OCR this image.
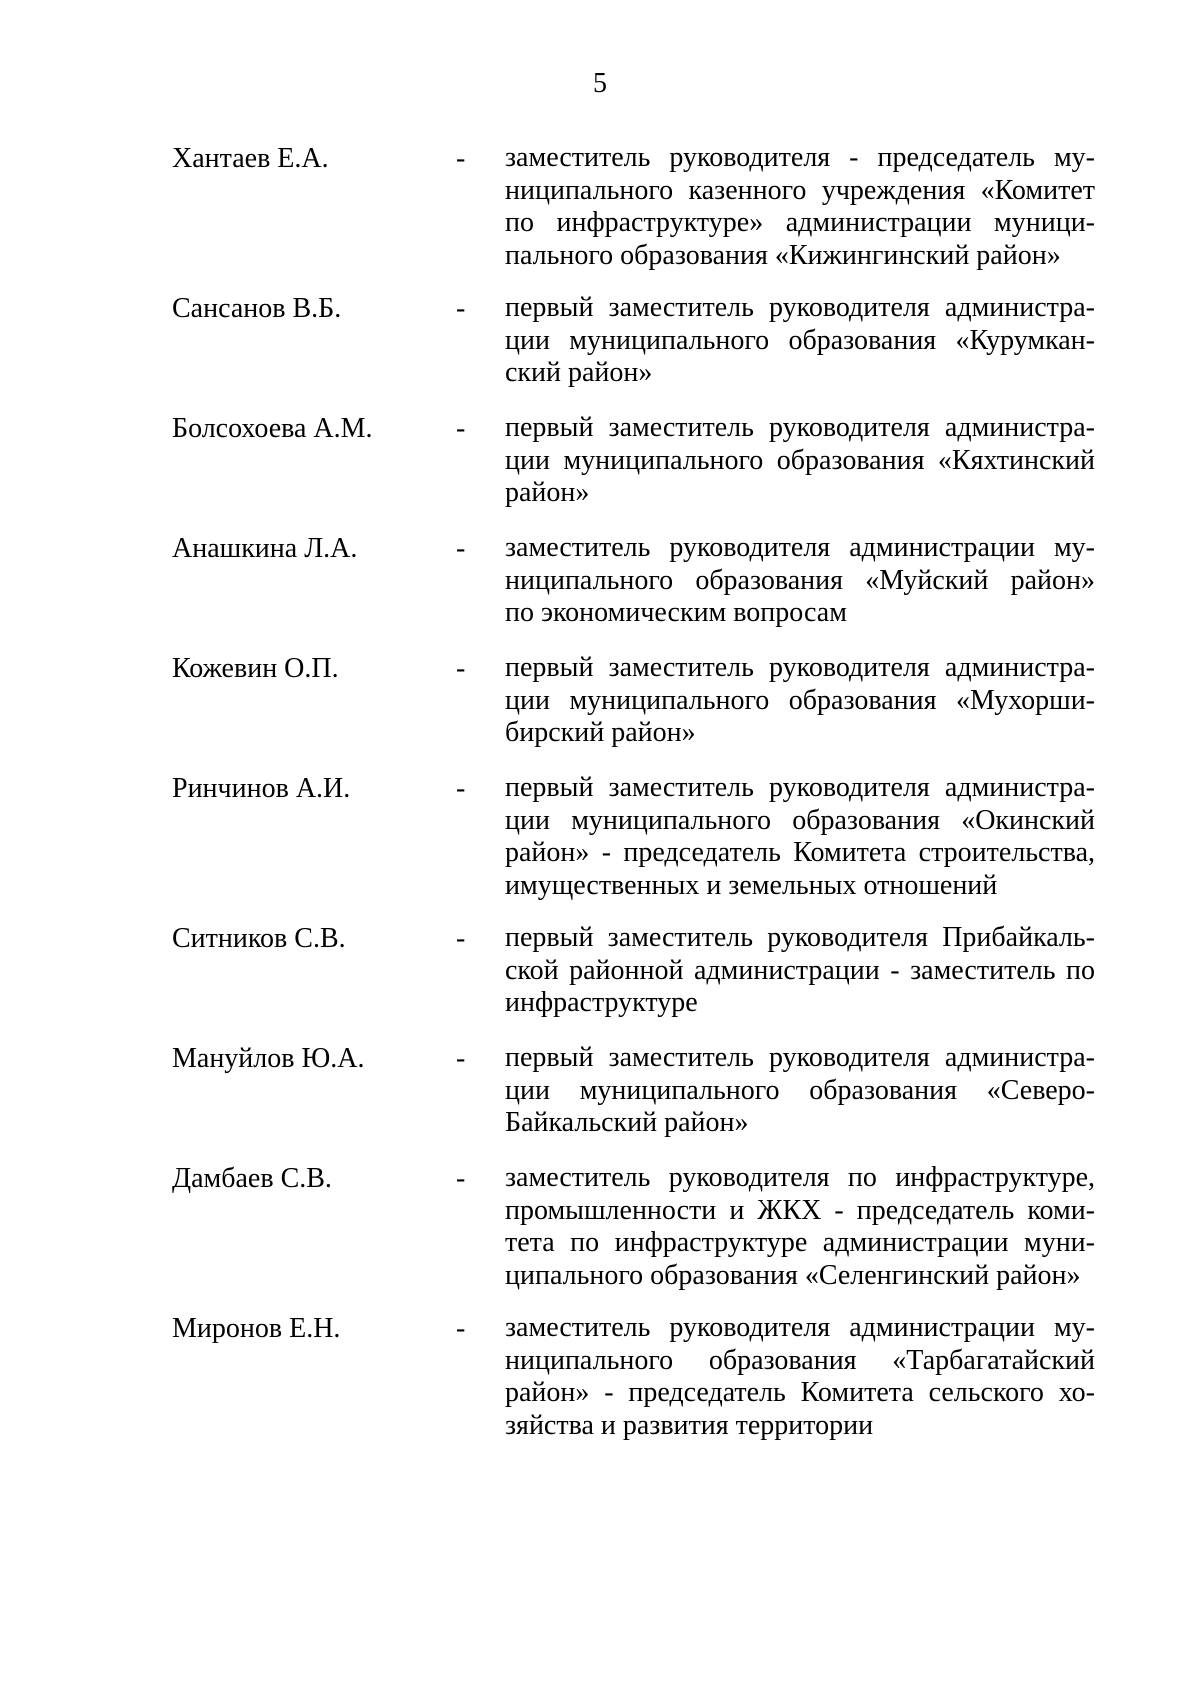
5
Хантаев Е.А.	- заместитель руководителя - председатель му-
ниципального казенного учреждения «Комитет
по инфраструктуре» администрации муници-
пального образования «Кижингинский район»
Сансанов В.Б.	- первый заместитель руководителя администра-
ции муниципального образования «Курумкан-
ский район»
Болсохоева А.М.	- первый заместитель руководителя администра-
ции муниципального образования «Кяхтинский
район»
Анашкина Л.А.	- заместитель руководителя администрации му-
ниципального образования «Муйский район»
по экономическим вопросам
Кожевин О.П.	- первый заместитель руководителя администра-
ции муниципального образования «Мухорши-
бирский район»
Ринчинов А.И.	- первый заместитель руководителя администра-
ции муниципального образования «Окинский
район» - председатель Комитета строительства,
имущественных и земельных отношений
Ситников С.В.	- первый заместитель руководителя Прибайкаль-
ской районной администрации - заместитель по
инфраструктуре
Мануйлов Ю.А.	- первый заместитель руководителя администра-
ции муниципального образования «Северо-
Байкальский район»
Дамбаев С.В.	- заместитель руководителя по инфраструктуре,
промышленности и ЖКХ - председатель коми-
тета по инфраструктуре администрации муни-
ципального образования «Селенгинский район»
Миронов Е.Н.	- заместитель руководителя администрации му-
ниципального образования «Тарбагатайский
район» - председатель Комитета сельского хо-
зяйства и развития территории
